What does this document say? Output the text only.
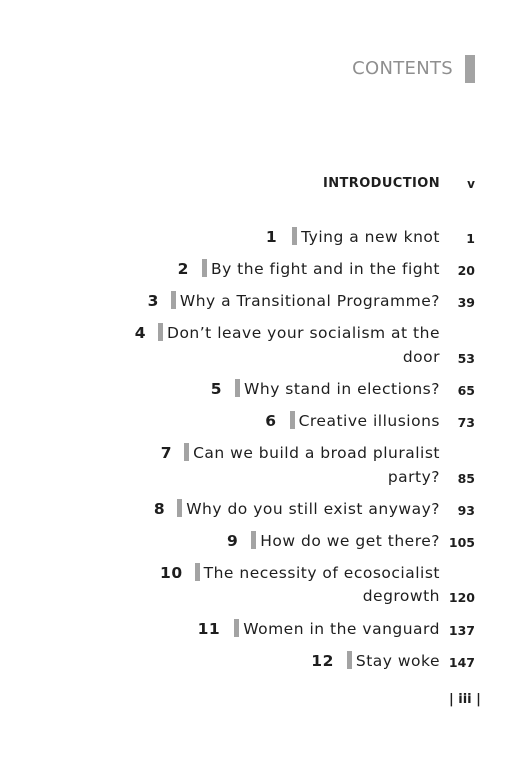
CONTENTS
INTRODUCTION v
1 Tying a new knot 1
2 By the fight and in the fight 20
3 Why a Transitional Programme? 39
4 Don’t leave your socialism at the
door 53
5 Why stand in elections? 65
6 Creative illusions 73
7 Can we build a broad pluralist
party? 85
8 Why do you still exist anyway? 93
9 How do we get there? 105
10 The necessity of ecosocialist
degrowth 120
11 Women in the vanguard 137
12 Stay woke 147
| iii |
